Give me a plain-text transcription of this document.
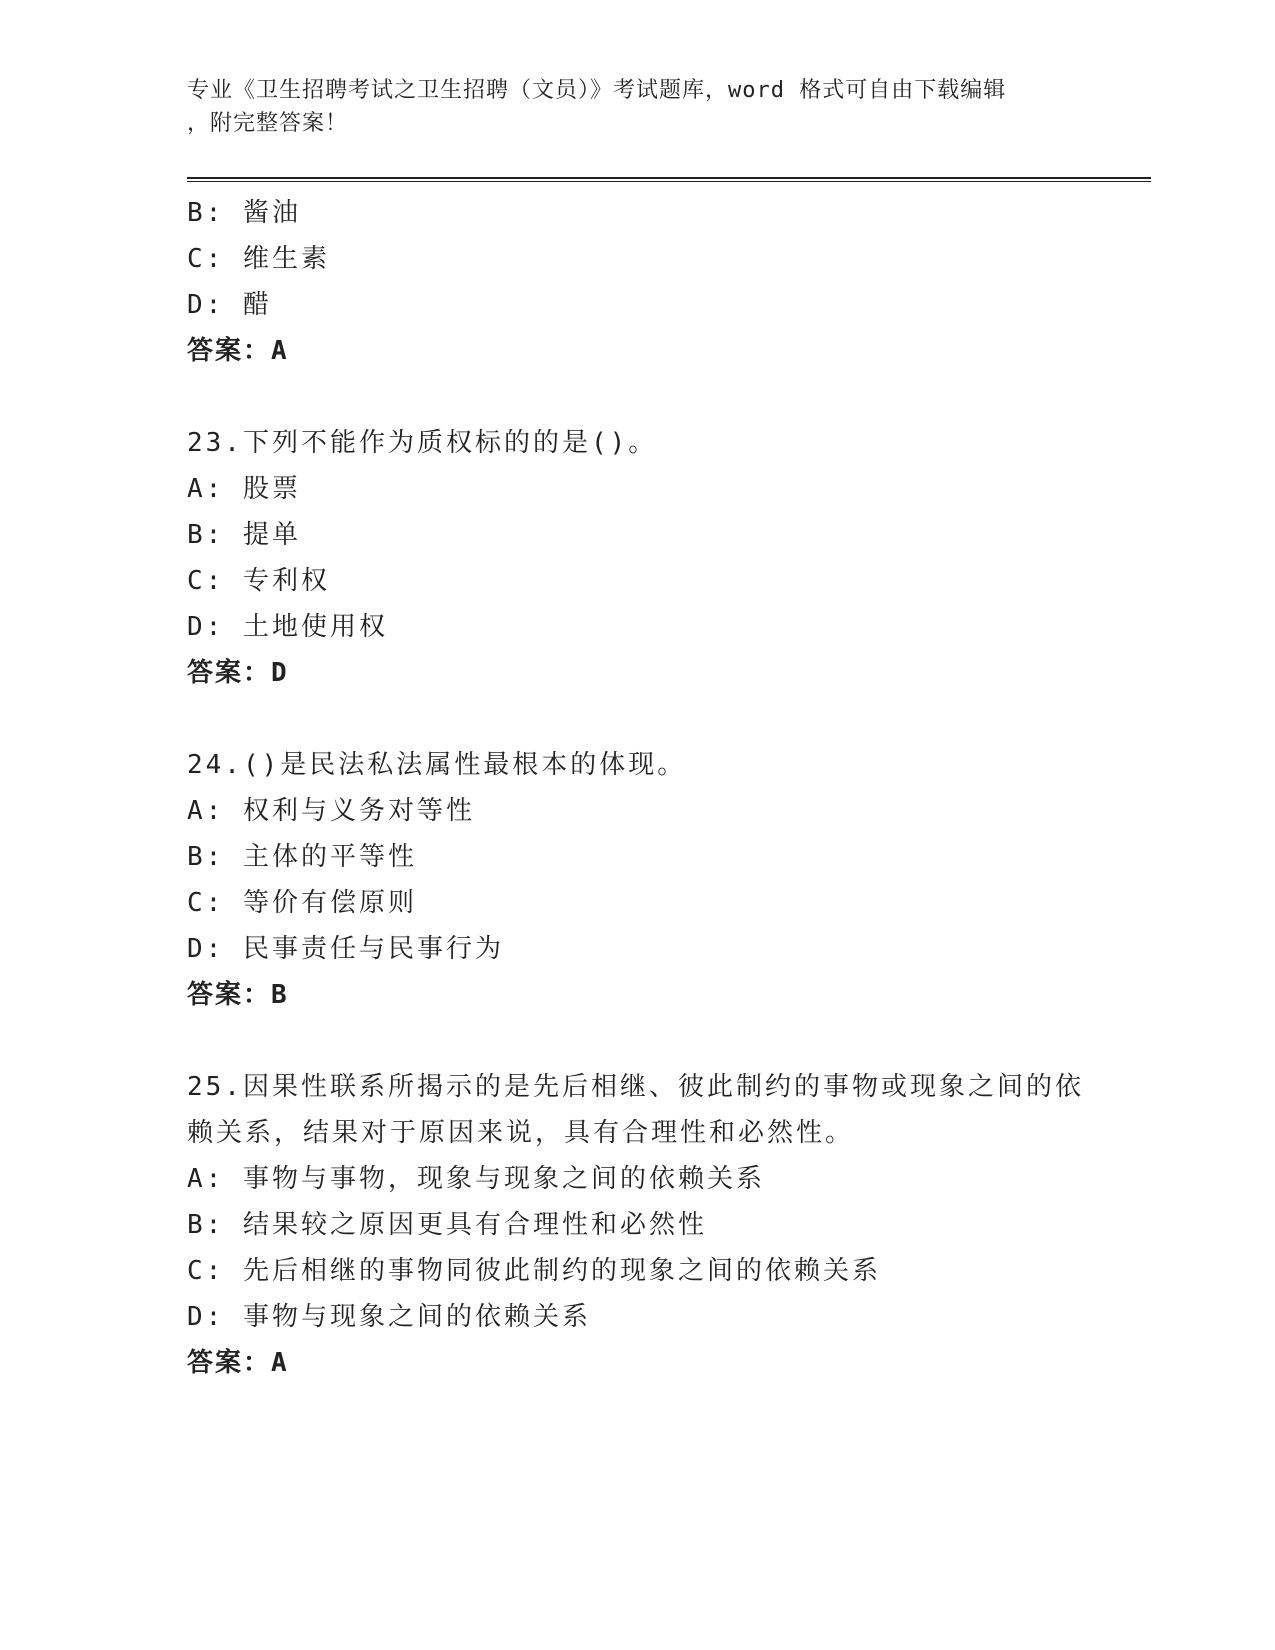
专业《卫生招聘考试之卫生招聘（文员）》考试题库，word 格式可自由下载编辑
，附完整答案！
B: 酱油
C: 维生素
D: 醋
答案：A
23.下列不能作为质权标的的是()。
A: 股票
B: 提单
C: 专利权
D: 土地使用权
答案：D
24.()是民法私法属性最根本的体现。
A: 权利与义务对等性
B: 主体的平等性
C: 等价有偿原则
D: 民事责任与民事行为
答案：B
25.因果性联系所揭示的是先后相继、彼此制约的事物或现象之间的依
赖关系，结果对于原因来说，具有合理性和必然性。
A: 事物与事物，现象与现象之间的依赖关系
B: 结果较之原因更具有合理性和必然性
C: 先后相继的事物同彼此制约的现象之间的依赖关系
D: 事物与现象之间的依赖关系
答案：A
